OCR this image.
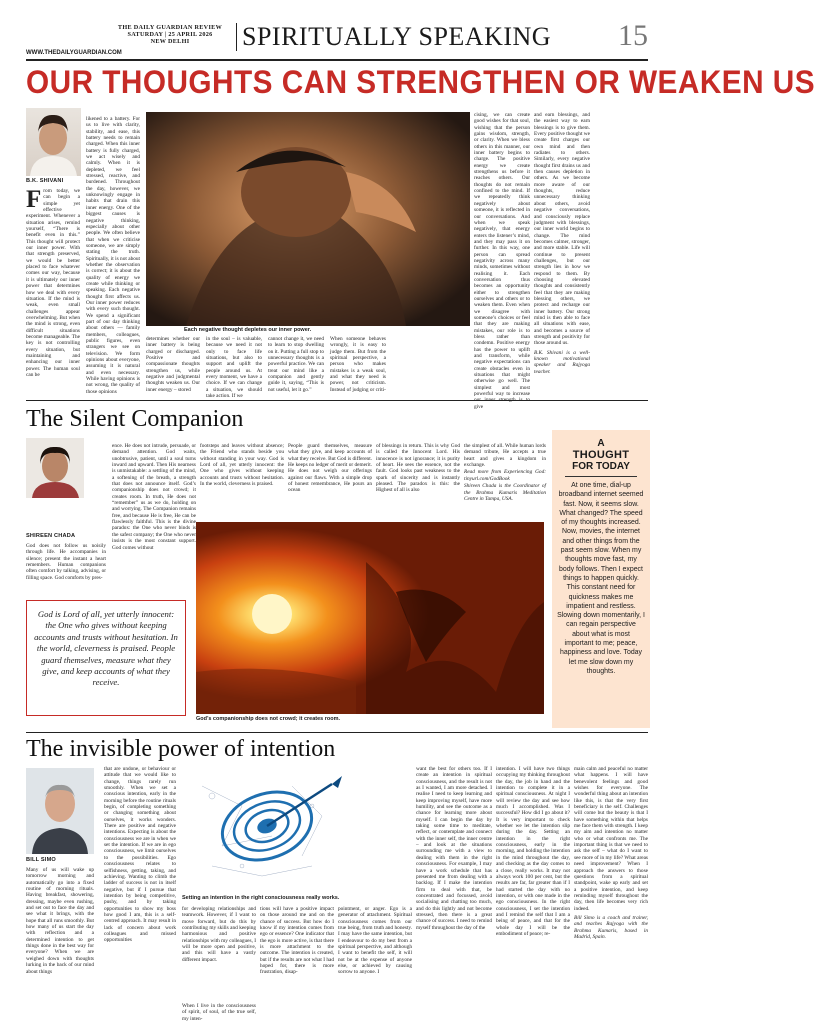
THE DAILY GUARDIAN REVIEW
SATURDAY | 25 APRIL 2026
NEW DELHI	SPIRITUALLY SPEAKING 15
WWW.THEDAILYGUARDIAN.COM
OUR THOUGHTS CAN STRENGTHEN OR WEAKEN US
B.K. SHIVANI
From today, we can begin a simple yet effective experiment. Whenever a situation arises, remind yourself, “There is benefit even in this.” This thought will protect our inner power. With that strength preserved, we would be better placed to face whatever comes our way, because it is ultimately our inner power that determines how we deal with every situation. If the mind is weak, even small challenges appear overwhelming. But when the mind is strong, even difficult situations become manageable. The key is not controlling every situation, but maintaining and enhancing our inner power. The human soul can be
likened to a battery. For us to live with clarity, stability, and ease, this battery needs to remain charged. When this inner battery is fully charged, we act wisely and calmly. When it is depleted, we feel stressed, reactive, and burdened. Throughout the day, however, we unknowingly engage in habits that drain this inner energy. One of the biggest causes is negative thinking, especially about other people. We often believe that when we criticise someone, we are simply stating the truth. Spiritually, it is not about whether the observation is correct; it is about the quality of energy we create while thinking or speaking. Each negative thought first affects us. Our inner power reduces with every such thought. We spend a significant part of our day thinking about others — family members, colleagues, public figures, even strangers we see on television. We form opinions about everyone, assuming it is natural and even necessary. While having opinions is not wrong, the quality of those opinions
Each negative thought depletes our inner power.
determines whether our inner battery is being charged or discharged. Positive and compassionate thoughts strengthen us, while negative and judgmental thoughts weaken us. Our inner energy – stored
in the soul – is valuable, because we need it not only to face life situations, but also to support and uplift the people around us. At every moment, we have a choice. If we can change a situation, we should take action. If we
cannot change it, we need to learn to stop dwelling on it. Putting a full stop to unnecessary thoughts is a powerful practice. We can treat our mind like a companion and gently guide it, saying, “This is not useful, let it go.”
When someone behaves wrongly, it is easy to judge them. But from the spiritual perspective, a person who makes mistakes is a weak soul, and what they need is power, not criticism. Instead of judging or criti-
cising, we can create good wishes for that soul, wishing that the person gains wisdom, strength, or clarity. When we bless others in this manner, our inner battery begins to charge. The positive energy we create strengthens us before it reaches others. Our thoughts do not remain confined to the mind. If we repeatedly think negatively about someone, it is reflected in our conversations. And when we speak negatively, that energy enters the listener’s mind, and they may pass it on further. In this way, one person can spread negativity across many minds, sometimes without realising it. Each conversation thus becomes an opportunity either to strengthen ourselves and others or to weaken them. Even when we disagree with someone’s choices or feel that they are making mistakes, our role is to bless rather than condemn. Positive energy has the power to uplift and transform, while negative expectations can create obstacles even in situations that might otherwise go well. The simplest and most powerful way to increase give
and earn blessings, and the easiest way to earn blessings is to give them. Every positive thought we create first charges our own mind and then radiates to others. Similarly, every negative thought first drains us and then causes depletion in others. As we become more aware of our thoughts, reduce unnecessary thinking about others, avoid negative conversations, and consciously replace judgment with blessings, our inner world begins to change. The mind becomes calmer, stronger, and more stable. Life will continue to present challenges, but our strength lies in how we respond to them. By choosing elevated thoughts and consistently feel that they are making blessing others, we protect and recharge our inner battery. Our strong mind is then able to face all situations with ease, and becomes a source of strength and positivity for those around us.

B.K. Shivani is a well-known motivational speaker and Rajyoga teacher.

The Silent Companion
SHIREEN CHADA
God does not follow us noisily through life. He accompanies in silence; present the instant a heart remembers. Human companions often comfort by talking, advising, or filling space. God comforts by pres-
ence. He does not intrude, persuade, or demand attention. God waits, unobtrusive, patient, until a soul turns inward and upward. Then His nearness is unmistakable: a settling of the mind, a softening of the breath, a strength that does not announce itself. God’s companionship does not crowd; it creates room. In truth, He does not “remember” us as we do, holding on and worrying. The Companion remains free, and because He is free, He can be flawlessly faithful. This is the divine paradox: the One who never binds is the safest company; the One who never insists is the most constant support. God comes without
footsteps and leaves without absence; the Friend who stands beside you without standing in your way. God is Lord of all, yet utterly innocent: the One who gives without keeping accounts and trusts without hesitation. In the world, cleverness is praised.
People guard themselves, measure what they give, and keep accounts of what they receive. But God is different. He keeps no ledger of merit or demerit. He does not weigh our offerings against our flaws. With a simple drop of honest remembrance, He pours an ocean
of blessings in return. This is why God is called the Innocent Lord. His innocence is not ignorance; it is purity of heart. He sees the essence, not the fault. God looks past weakness to the spark of sincerity and is instantly pleased. The paradox is this: the Highest of all is also
the simplest of all. While human lords demand tribute, He accepts a true heart and gives a kingdom in exchange.

Read more from Experiencing God: tinyurl.com/GodBook

Shireen Chada is the Coordinator of the Brahma Kumaris Meditation Centre in Tampa, USA.

God is Lord of all, yet utterly innocent: the One who gives without keeping accounts and trusts without hesitation. In the world, cleverness is praised. People guard themselves, measure what they give, and keep accounts of what they receive.
God’s companionship does not crowd; it creates room.
A
THOUGHT
FOR TODAY
At one time, dial-up broadband internet seemed fast. Now, it seems slow. What changed? The speed of my thoughts increased. Now, movies, the internet and other things from the past seem slow. When my thoughts move fast, my body follows. Then I expect things to happen quickly. This constant need for quickness makes me impatient and restless. Slowing down momentarily, I can regain perspective about what is most important to me; peace, happiness and love. Today let me slow down my thoughts.
The invisible power of intention
BILL SIMO
Many of us will wake up tomorrow morning and automatically go into a fixed routine of morning rituals. Having breakfast, showering, dressing, maybe even rushing, and set out to face the day and see what it brings, with the hope that all runs smoothly. But how many of us start the day with reflection and a determined intention to get things done in the best way for everyone? When we are weighed down with thoughts lurking in the back of our mind about things
that are undone, or behaviour or attitude that we would like to change, things rarely run smoothly. When we set a conscious intention, early in the morning before the routine rituals begin, of completing something or changing something about ourselves, it works wonders. There are positive and negative intentions. Expecting is about the consciousness we are in when we set the intention. If we are in ego consciousness, we limit ourselves to the possibilities. Ego consciousness relates to selfishness, getting, taking, and achieving. Wanting to climb the ladder of success is not in itself negative, but if I pursue that intention by being competitive, pushy, and by taking opportunities to show my boss how good I am, this is a self-centred approach. It may result in lack of concern about work colleagues and missed opportunities
Setting an intention in the right consciousness really works.
for developing relationships and teamwork. However, if I want to move forward, but do this by contributing my skills and keeping harmonious and positive relationships with my colleagues, I will be more open and positive, and this will have a vastly different impact.
tions will have a positive impact on those around me and on the chance of success. But how do I know if my intention comes from ego or essence? One indicator that the ego is more active, is that there is more attachment to the outcome. The intention is created, but if the results are not what I had hoped for, there is more frustration, disap-
When I live in the consciousness of spirit, of soul, of the true self, my inten-
pointment, or anger. Ego is a generator of attachment. Spiritual consciousness comes from our true being, from truth and honesty. I may have the same intention, but I endeavour to do my best from a spiritual perspective, and although I want to benefit the self, it will not be at the expense of anyone else, or achieved by causing sorrow to anyone. I
want the best for others too. If I create an intention in spiritual consciousness, and the result is not as I wanted, I am more detached. I realise I need to keep learning and keep improving myself, have more humility, and see the outcome as a chance for learning more about myself. I can begin the day by taking some time to meditate, reflect, or contemplate and connect with the inner self, the inner centre – and look at the situations surrounding me with a view to dealing with them in the right consciousness. For example, I may have a work schedule that has presented me from dealing with a backlog. If I make the intention firm to deal with that, be concentrated and focussed, avoid socialising and chatting too much, and do this lightly and not become stressed, then there is a great chance of success. I need to remind myself throughout the day of the
intention. I will have two things occupying my thinking throughout the day, the job in hand and the intention to complete it in a spiritual consciousness. At night I will review the day and see how much I accomplished. Was I successful? How did I go about it? It is very important to check whether we let the intention slip during the day. Setting an intention in the right consciousness, early in the morning, and holding the intention in the mind throughout the day, and checking as the day comes to a close, really works. It may not always work 100 per cent, but the results are far, far greater than if I had started the day with no intention, or with one made in the ego consciousness. In the right consciousness, I set the intention and I remind the self that I am a being of peace, and that for the whole day I will be the embodiment of peace; re-
main calm and peaceful no matter what happens. I will have benevolent feelings and good wishes for everyone. The wonderful thing about an intention like this, is that the very first beneficiary is the self. Challenges will come but the beauty is that I have something within that helps me face them with strength. I keep my aim and intention no matter who or what confronts me. The important thing is that we need to ask the self – what do I want to see more of in my life? What areas need improvement? When I approach the answers to those questions from a spiritual standpoint, wake up early and set a positive intention, and keep reminding myself throughout the day, then life becomes very rich indeed.

Bill Simo is a coach and trainer, and teaches Rajyoga with the Brahma Kumaris, based in Madrid, Spain.
